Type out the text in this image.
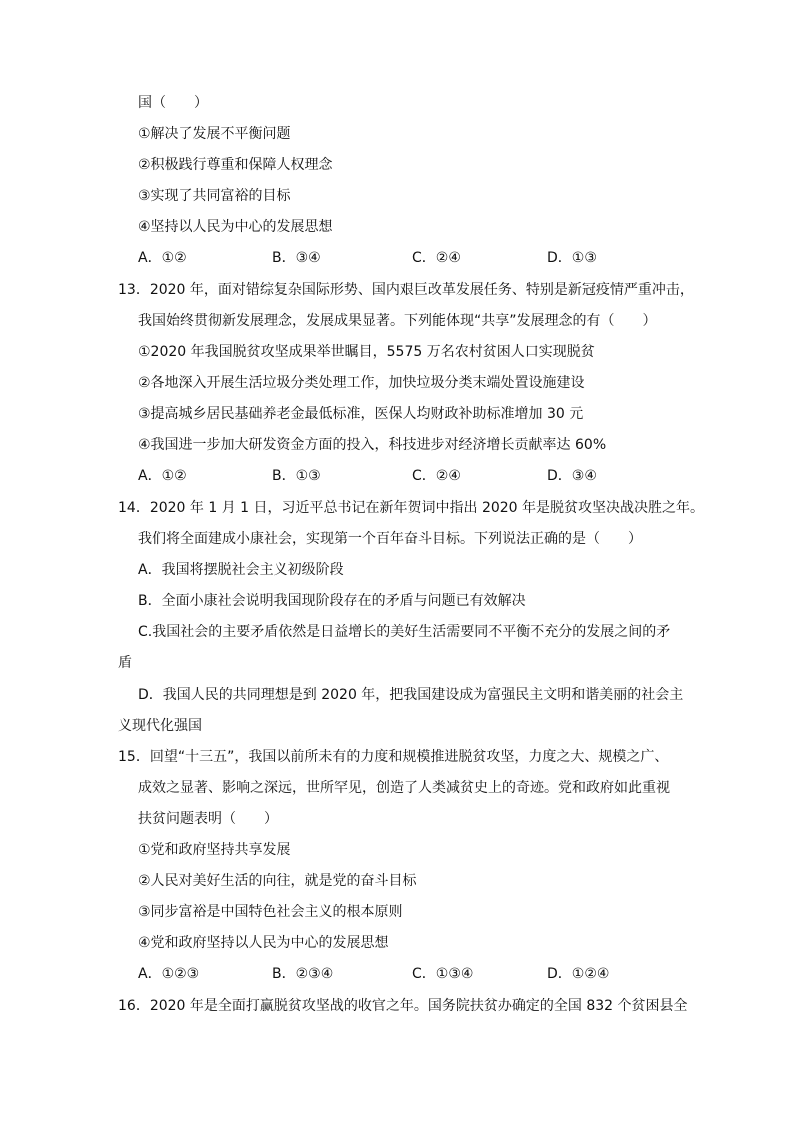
国（　　）
①解决了发展不平衡问题
②积极践行尊重和保障人权理念
③实现了共同富裕的目标
④坚持以人民为中心的发展思想
13．2020 年，面对错综复杂国际形势、国内艰巨改革发展任务、特别是新冠疫情严重冲击，
我国始终贯彻新发展理念，发展成果显著。下列能体现“共享”发展理念的有（　　）
①2020 年我国脱贫攻坚成果举世瞩目，5575 万名农村贫困人口实现脱贫
②各地深入开展生活垃圾分类处理工作，加快垃圾分类末端处置设施建设
③提高城乡居民基础养老金最低标准，医保人均财政补助标准增加 30 元
④我国进一步加大研发资金方面的投入，科技进步对经济增长贡献率达 60%
14．2020 年 1 月 1 日，习近平总书记在新年贺词中指出 2020 年是脱贫攻坚决战决胜之年。
我们将全面建成小康社会，实现第一个百年奋斗目标。下列说法正确的是（　　）
A．我国将摆脱社会主义初级阶段
B．全面小康社会说明我国现阶段存在的矛盾与问题已有效解决
C.我国社会的主要矛盾依然是日益增长的美好生活需要同不平衡不充分的发展之间的矛
盾
D．我国人民的共同理想是到 2020 年，把我国建设成为富强民主文明和谐美丽的社会主
义现代化强国
15．回望“十三五”，我国以前所未有的力度和规模推进脱贫攻坚，力度之大、规模之广、
成效之显著、影响之深远，世所罕见，创造了人类减贫史上的奇迹。党和政府如此重视
扶贫问题表明（　　）
①党和政府坚持共享发展
②人民对美好生活的向往，就是党的奋斗目标
③同步富裕是中国特色社会主义的根本原则
④党和政府坚持以人民为中心的发展思想
16．2020 年是全面打赢脱贫攻坚战的收官之年。国务院扶贫办确定的全国 832 个贫困县全
A．①②	B．③④	C．②④	D．①③
A．①②	B．①③	C．②④	D．③④
A．①②③	B．②③④	C．①③④	D．①②④
